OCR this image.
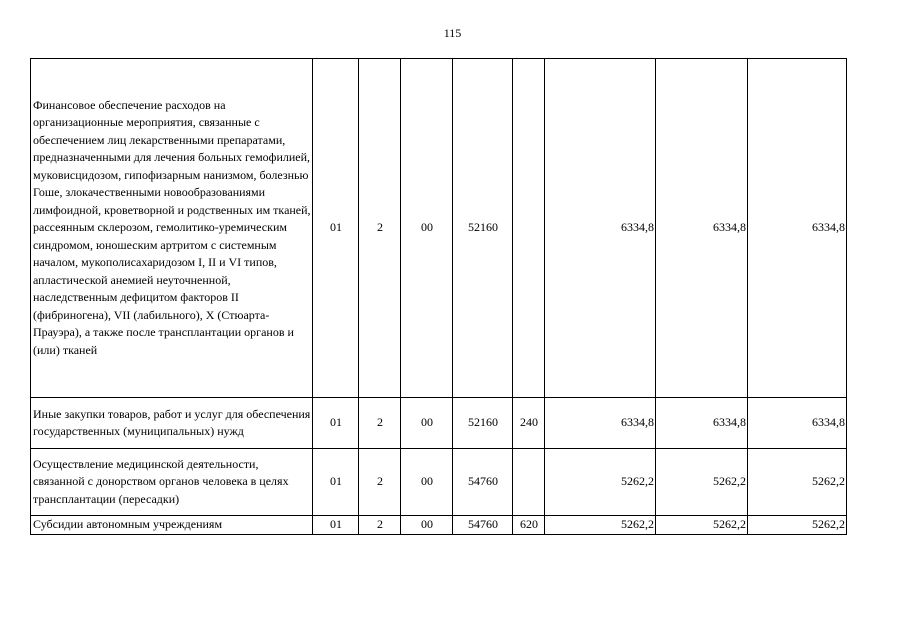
115
Финансовое обеспечение расходов на организационные мероприятия, связанные с обеспечением лиц лекарственными препаратами, предназначенными для лечения больных гемофилией, муковисцидозом, гипофизарным нанизмом, болезнью Гоше, злокачественными новообразованиями лимфоидной, кроветворной и родственных им тканей, рассеянным склерозом, гемолитико-уремическим синдромом, юношеским артритом с системным началом, мукополисахаридозом I, II и VI типов, апластической анемией неуточненной, наследственным дефицитом факторов II (фибриногена), VII (лабильного), X (Стюарта-Прауэра), а также после трансплантации органов и (или) тканей	01	2	00	52160		6334,8	6334,8	6334,8
Иные закупки товаров, работ и услуг для обеспечения государственных (муниципальных) нужд	01	2	00	52160	240	6334,8	6334,8	6334,8
Осуществление медицинской деятельности, связанной с донорством органов человека в целях трансплантации (пересадки)	01	2	00	54760		5262,2	5262,2	5262,2
Субсидии автономным учреждениям	01	2	00	54760	620	5262,2	5262,2	5262,2
